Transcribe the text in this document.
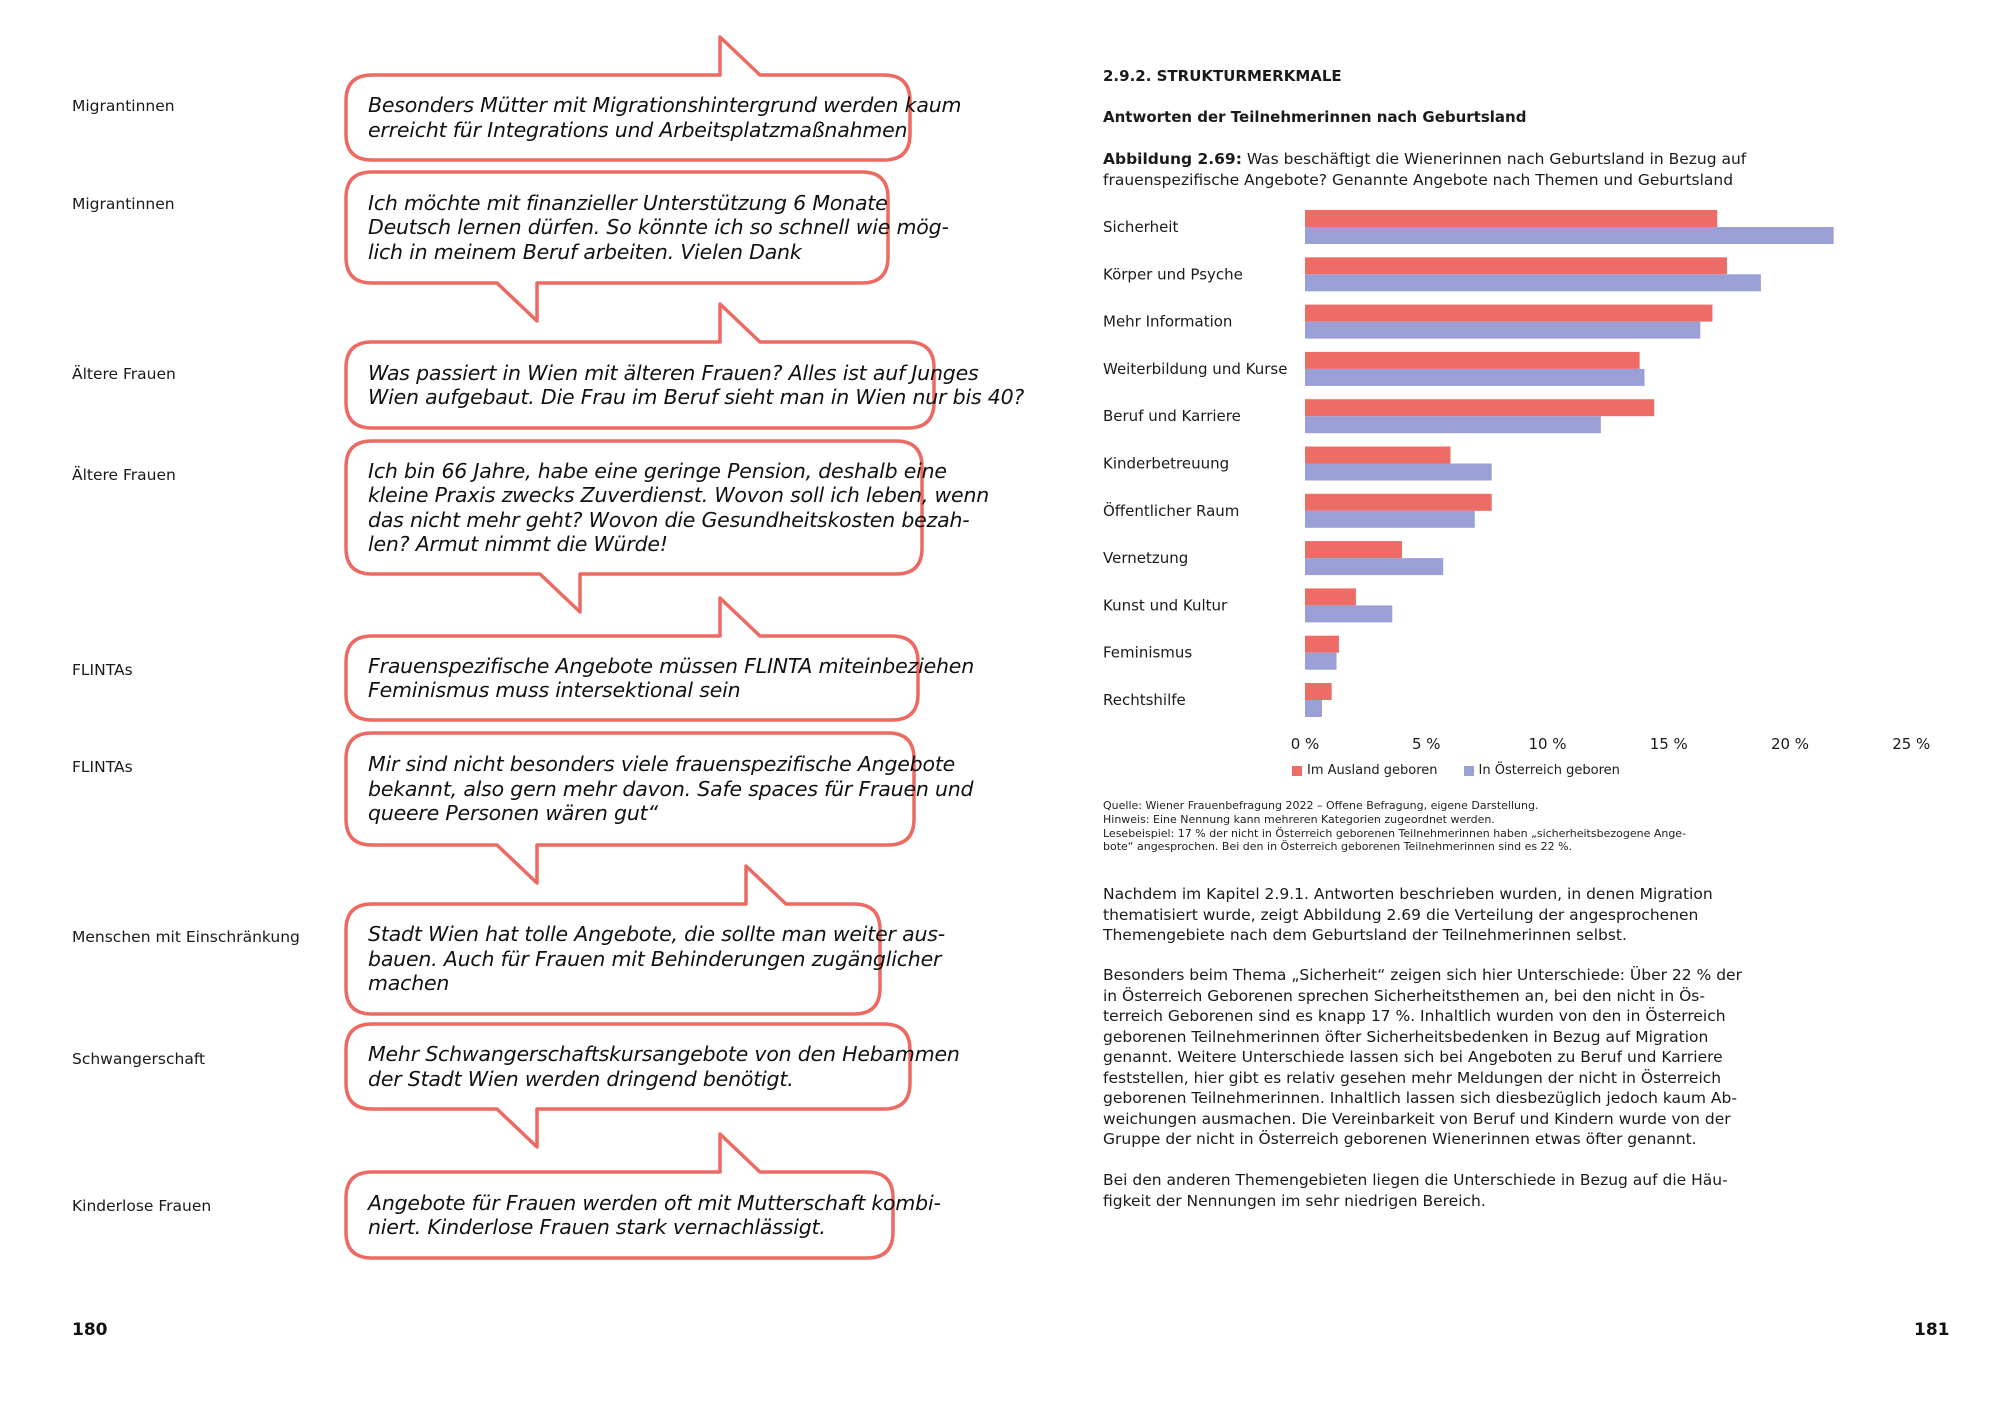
Migrantinnen	Besonders Mütter mit Migrationshintergrund werden kaum
erreicht für Integrations und Arbeitsplatzmaßnahmen
Migrantinnen	Ich möchte mit finanzieller Unterstützung 6 Monate
Deutsch lernen dürfen. So könnte ich so schnell wie mög-
lich in meinem Beruf arbeiten. Vielen Dank
Ältere Frauen	Was passiert in Wien mit älteren Frauen? Alles ist auf Junges
Wien aufgebaut. Die Frau im Beruf sieht man in Wien nur bis 40?
Ältere Frauen	Ich bin 66 Jahre, habe eine geringe Pension, deshalb eine
kleine Praxis zwecks Zuverdienst. Wovon soll ich leben, wenn
das nicht mehr geht? Wovon die Gesundheitskosten bezah-
len? Armut nimmt die Würde!
FLINTAs	Frauenspezifische Angebote müssen FLINTA miteinbeziehen
Feminismus muss intersektional sein
FLINTAs	Mir sind nicht besonders viele frauenspezifische Angebote
bekannt, also gern mehr davon. Safe spaces für Frauen und
queere Personen wären gut“
Menschen mit Einschränkung	Stadt Wien hat tolle Angebote, die sollte man weiter aus-
bauen. Auch für Frauen mit Behinderungen zugänglicher
machen
Schwangerschaft	Mehr Schwangerschaftskursangebote von den Hebammen
der Stadt Wien werden dringend benötigt.
Kinderlose Frauen	Angebote für Frauen werden oft mit Mutterschaft kombi-
niert. Kinderlose Frauen stark vernachlässigt.
180
2.9.2. STRUKTURMERKMALE
Antworten der Teilnehmerinnen nach Geburtsland
Abbildung 2.69: Was beschäftigt die Wienerinnen nach Geburtsland in Bezug auf
frauenspezifische Angebote? Genannte Angebote nach Themen und Geburtsland
Sicherheit
Körper und Psyche
Mehr Information
Weiterbildung und Kurse
Beruf und Karriere
Kinderbetreuung
Öffentlicher Raum
Vernetzung
Kunst und Kultur
Feminismus
Rechtshilfe
0 %	5 %	10 %	15 %	20 %	25 %
Im Ausland geboren	In Österreich geboren
Quelle: Wiener Frauenbefragung 2022 – Offene Befragung, eigene Darstellung.
Hinweis: Eine Nennung kann mehreren Kategorien zugeordnet werden.
Lesebeispiel: 17 % der nicht in Österreich geborenen Teilnehmerinnen haben „sicherheitsbezogene Ange-
bote“ angesprochen. Bei den in Österreich geborenen Teilnehmerinnen sind es 22 %.
Nachdem im Kapitel 2.9.1. Antworten beschrieben wurden, in denen Migration
thematisiert wurde, zeigt Abbildung 2.69 die Verteilung der angesprochenen
Themengebiete nach dem Geburtsland der Teilnehmerinnen selbst.
Besonders beim Thema „Sicherheit“ zeigen sich hier Unterschiede: Über 22 % der
in Österreich Geborenen sprechen Sicherheitsthemen an, bei den nicht in Ös-
terreich Geborenen sind es knapp 17 %. Inhaltlich wurden von den in Österreich
geborenen Teilnehmerinnen öfter Sicherheitsbedenken in Bezug auf Migration
genannt. Weitere Unterschiede lassen sich bei Angeboten zu Beruf und Karriere
feststellen, hier gibt es relativ gesehen mehr Meldungen der nicht in Österreich
geborenen Teilnehmerinnen. Inhaltlich lassen sich diesbezüglich jedoch kaum Ab-
weichungen ausmachen. Die Vereinbarkeit von Beruf und Kindern wurde von der
Gruppe der nicht in Österreich geborenen Wienerinnen etwas öfter genannt.
Bei den anderen Themengebieten liegen die Unterschiede in Bezug auf die Häu-
figkeit der Nennungen im sehr niedrigen Bereich.
181
